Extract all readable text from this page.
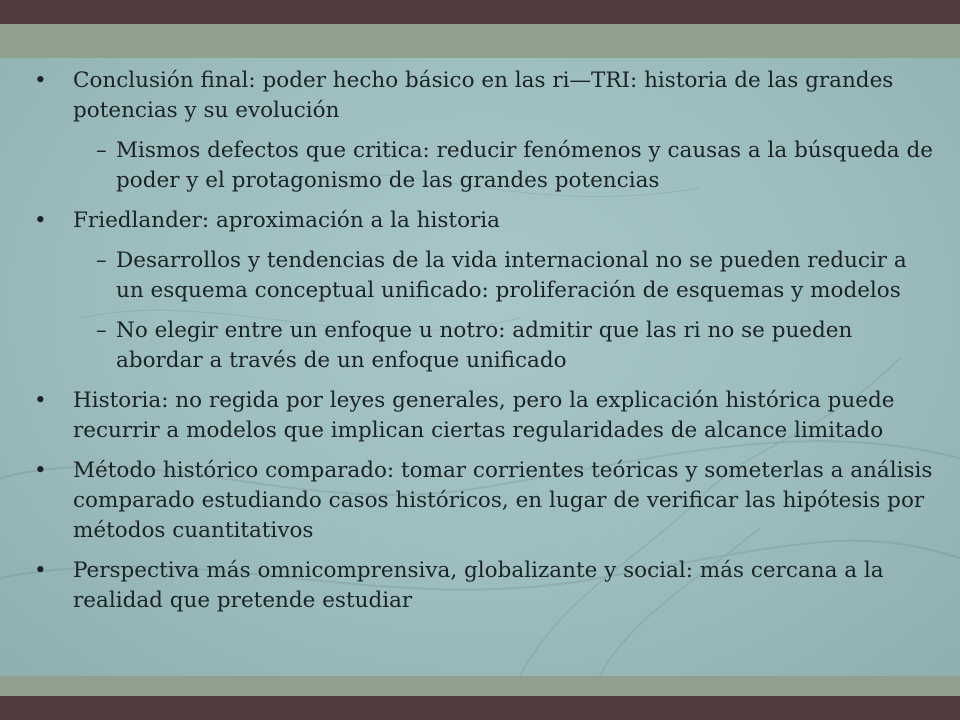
• Conclusión final: poder hecho básico en las ri—TRI: historia de las grandes potencias y su evolución
– Mismos defectos que critica: reducir fenómenos y causas a la búsqueda de poder y el protagonismo de las grandes potencias
• Friedlander: aproximación a la historia
– Desarrollos y tendencias de la vida internacional no se pueden reducir a un esquema conceptual unificado: proliferación de esquemas y modelos
– No elegir entre un enfoque u notro: admitir que las ri no se pueden abordar a través de un enfoque unificado
• Historia: no regida por leyes generales, pero la explicación histórica puede recurrir a modelos que implican ciertas regularidades de alcance limitado
• Método histórico comparado: tomar corrientes teóricas y someterlas a análisis comparado estudiando casos históricos, en lugar de verificar las hipótesis por métodos cuantitativos
• Perspectiva más omnicomprensiva, globalizante y social: más cercana a la realidad que pretende estudiar
